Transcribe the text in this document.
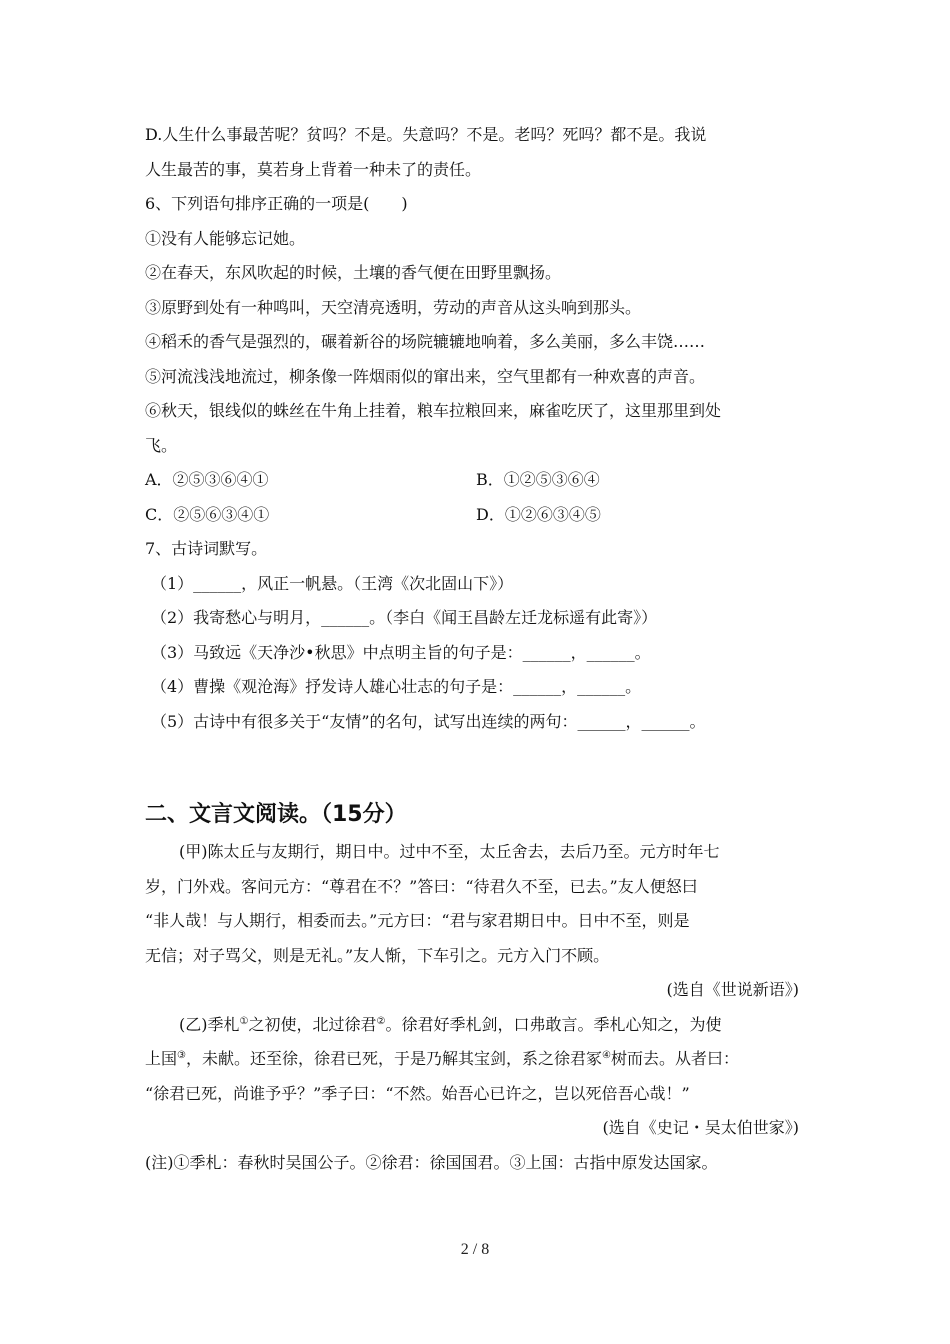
D.人生什么事最苦呢？贫吗？不是。失意吗？不是。老吗？死吗？都不是。我说
人生最苦的事，莫若身上背着一种未了的责任。
6、下列语句排序正确的一项是(　　)
①没有人能够忘记她。
②在春天，东风吹起的时候，土壤的香气便在田野里飘扬。
③原野到处有一种鸣叫，天空清亮透明，劳动的声音从这头响到那头。
④稻禾的香气是强烈的，碾着新谷的场院辘辘地响着，多么美丽，多么丰饶……
⑤河流浅浅地流过，柳条像一阵烟雨似的窜出来，空气里都有一种欢喜的声音。
⑥秋天，银线似的蛛丝在牛角上挂着，粮车拉粮回来，麻雀吃厌了，这里那里到处
飞。
A．②⑤③⑥④①	B．①②⑤③⑥④
C．②⑤⑥③④①	D．①②⑥③④⑤
7、古诗词默写。
（1）______，风正一帆悬。（王湾《次北固山下》）
（2）我寄愁心与明月，______。（李白《闻王昌龄左迁龙标遥有此寄》）
（3）马致远《天净沙•秋思》中点明主旨的句子是：______，______。
（4）曹操《观沧海》抒发诗人雄心壮志的句子是：______，______。
（5）古诗中有很多关于“友情”的名句，试写出连续的两句：______，______。
二、文言文阅读。（15分）
(甲)陈太丘与友期行，期日中。过中不至，太丘舍去，去后乃至。元方时年七
岁，门外戏。客问元方：“尊君在不？”答曰：“待君久不至，已去。”友人便怒曰
“非人哉！与人期行，相委而去。”元方曰：“君与家君期日中。日中不至，则是
无信；对子骂父，则是无礼。”友人惭，下车引之。元方入门不顾。
(选自《世说新语》)
(乙)季札①之初使，北过徐君②。徐君好季札剑，口弗敢言。季札心知之，为使
上国③，未献。还至徐，徐君已死，于是乃解其宝剑，系之徐君冢④树而去。从者曰：
“徐君已死，尚谁予乎？”季子曰：“不然。始吾心已许之，岂以死倍吾心哉！”
(选自《史记・吴太伯世家》)
(注)①季札：春秋时吴国公子。②徐君：徐国国君。③上国：古指中原发达国家。
2 / 8
